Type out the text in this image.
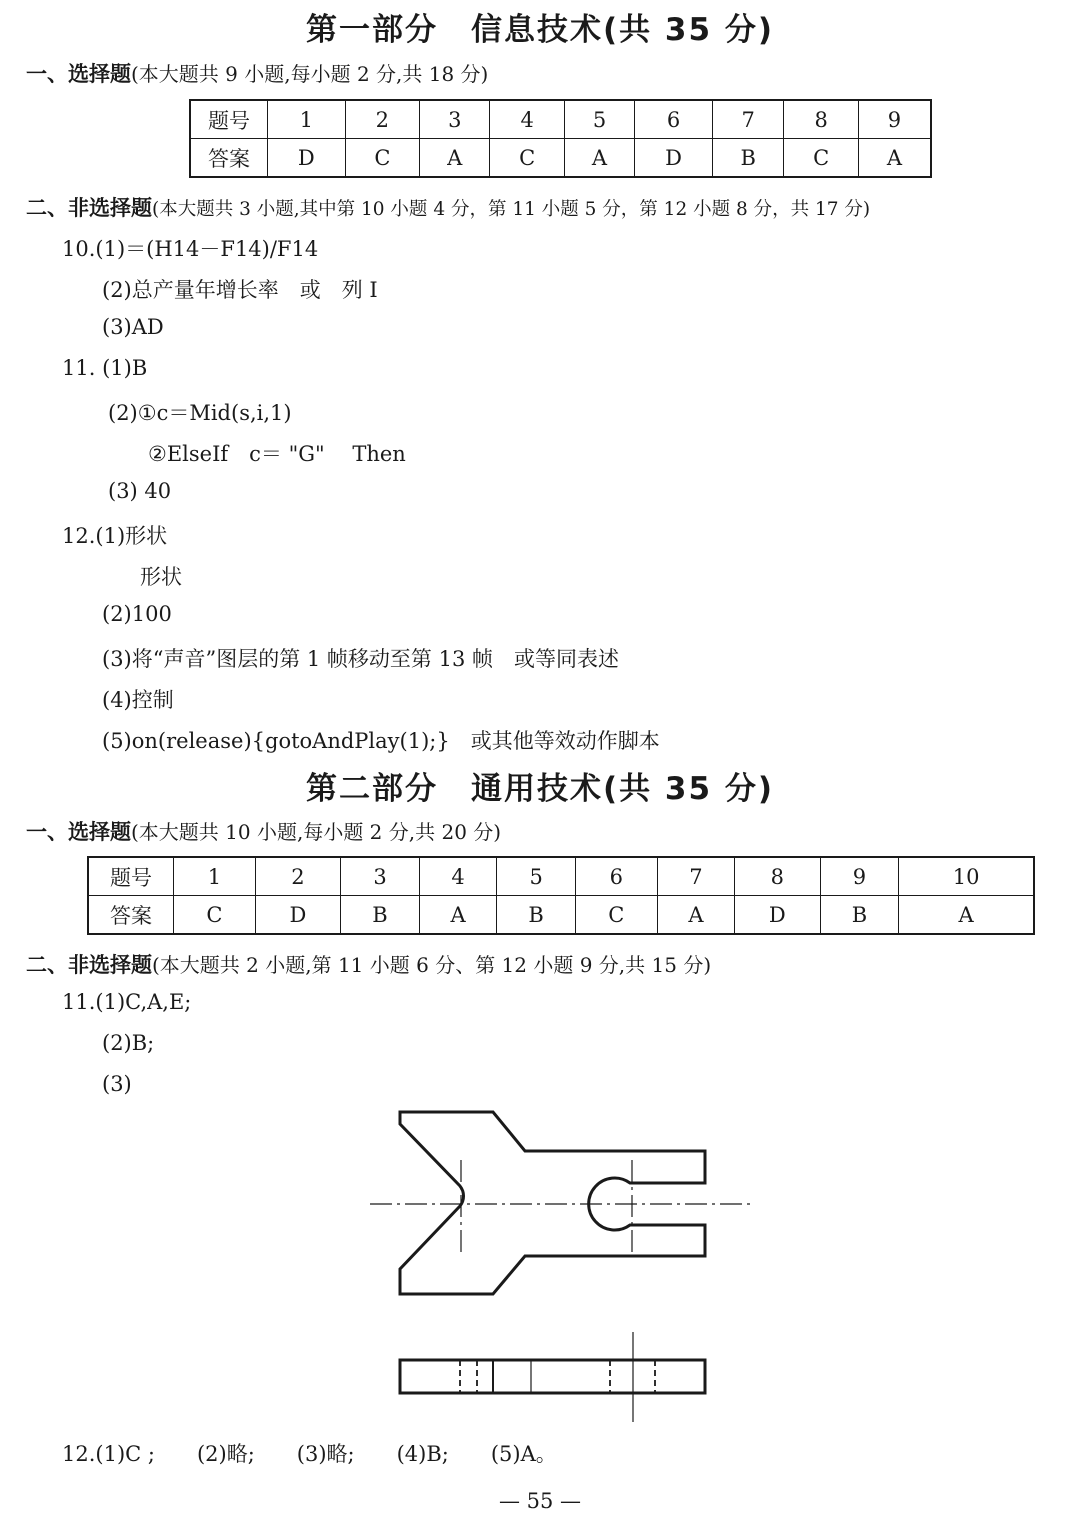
第一部分　信息技术(共 35 分)
一、选择题(本大题共 9 小题,每小题 2 分,共 18 分)
题号	1	2	3	4	5	6	7	8	9
答案	D	C	A	C	A	D	B	C	A
二、非选择题(本大题共 3 小题,其中第 10 小题 4 分，第 11 小题 5 分，第 12 小题 8 分，共 17 分)
10.(1)＝(H14－F14)/F14
(2)总产量年增长率　或　列 I
(3)AD
11. (1)B
(2)①c＝Mid(s,i,1)
②ElseIf　c＝ "G"　 Then
(3) 40
12.(1)形状
形状
(2)100
(3)将“声音”图层的第 1 帧移动至第 13 帧　或等同表述
(4)控制
(5)on(release){gotoAndPlay(1);}　或其他等效动作脚本
第二部分　通用技术(共 35 分)
一、选择题(本大题共 10 小题,每小题 2 分,共 20 分)
题号	1	2	3	4	5	6	7	8	9	10
答案	C	D	B	A	B	C	A	D	B	A
二、非选择题(本大题共 2 小题,第 11 小题 6 分、第 12 小题 9 分,共 15 分)
11.(1)C,A,E;
(2)B;
(3)
12.(1)C ;　　(2)略;　　(3)略;　　(4)B;　　(5)A。
— 55 —
